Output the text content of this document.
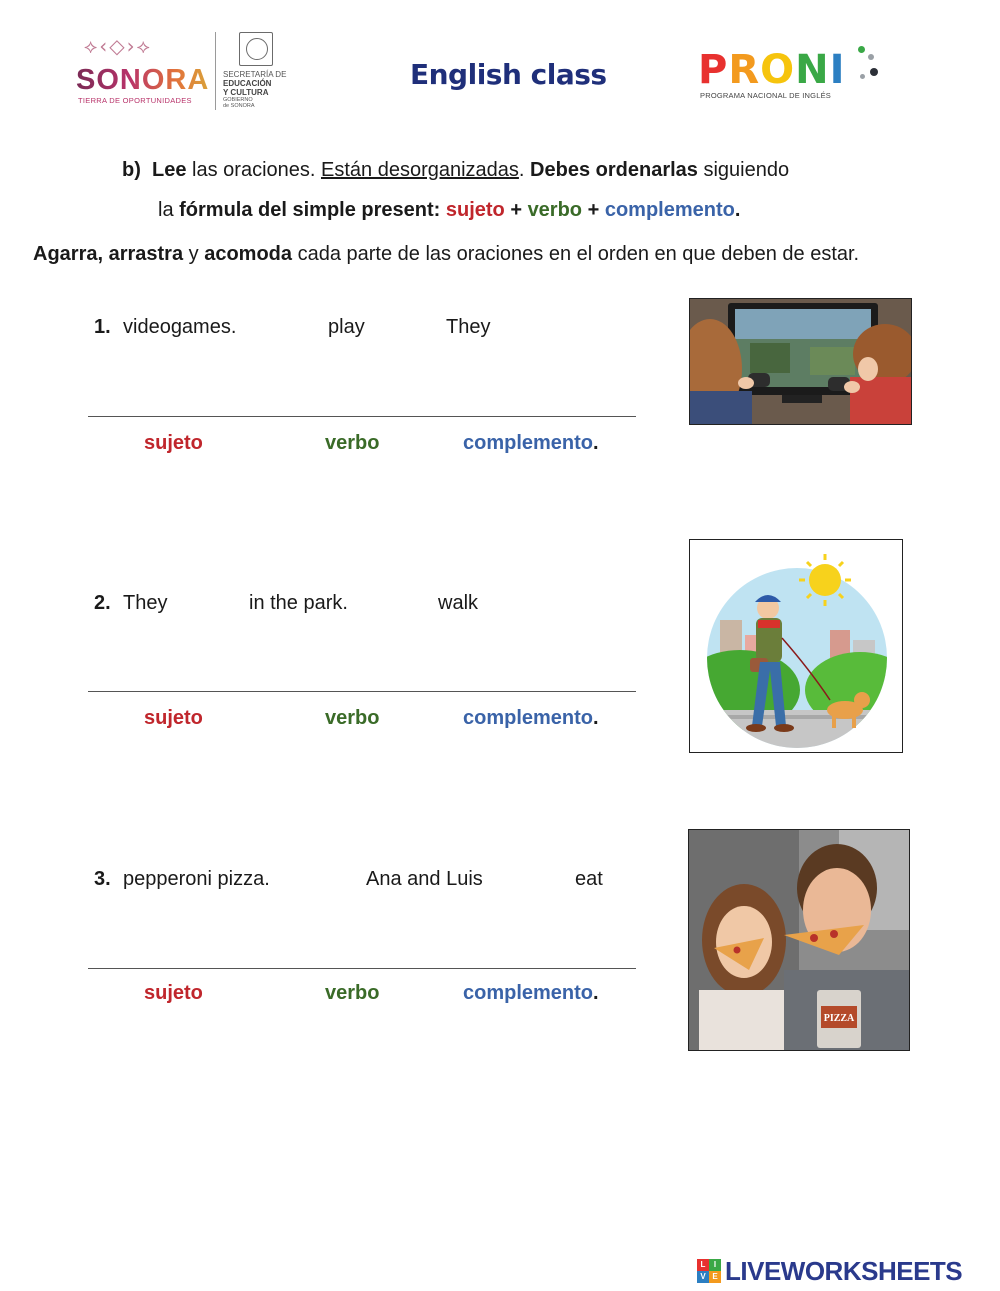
⟡‹◇›⟡
SONORA
TIERRA DE OPORTUNIDADES
SECRETARÍA DE
EDUCACIÓN
Y CULTURA
GOBIERNO
de SONORA
English class PRONI
PROGRAMA NACIONAL DE INGLÉS
b) Lee las oraciones. Están desorganizadas. Debes ordenarlas siguiendo
la fórmula del simple present: sujeto + verbo + complemento.
Agarra, arrastra y acomoda cada parte de las oraciones en el orden en que deben de estar.
1. videogames.	play	They
sujeto	verbo	complemento.
2. They	in the park.	walk
sujeto	verbo	complemento.
3. pepperoni pizza.	Ana and Luis	eat
sujeto	verbo	complemento.
PIZZA
L	I
V E LIVEWORKSHEETS
